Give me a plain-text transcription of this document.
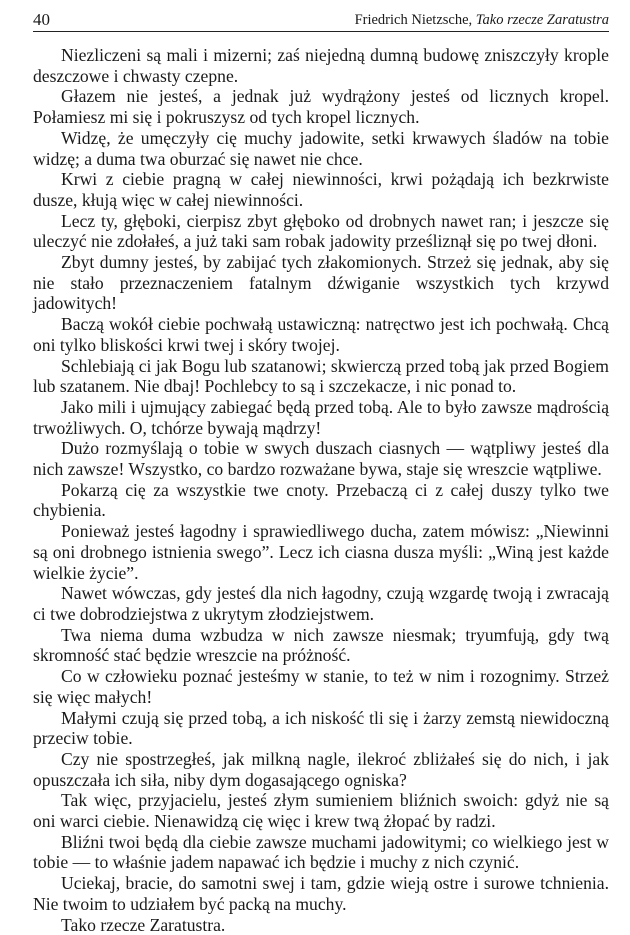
40	Friedrich Nietzsche, Tako rzecze Zaratustra

Niezliczeni są mali i mizerni; zaś niejedną dumną budowę zniszczyły krople deszczowe i chwasty czepne.

Głazem nie jesteś, a jednak już wydrążony jesteś od licznych kropel. Połamiesz mi się i pokruszysz od tych kropel licznych.

Widzę, że umęczyły cię muchy jadowite, setki krwawych śladów na tobie widzę; a duma twa oburzać się nawet nie chce.

Krwi z ciebie pragną w całej niewinności, krwi pożądają ich bezkrwiste dusze, kłują więc w całej niewinności.

Lecz ty, głęboki, cierpisz zbyt głęboko od drobnych nawet ran; i jeszcze się uleczyć nie zdołałeś, a już taki sam robak jadowity prześliznął się po twej dłoni.

Zbyt dumny jesteś, by zabijać tych złakomionych. Strzeż się jednak, aby się nie stało przeznaczeniem fatalnym dźwiganie wszystkich tych krzywd jadowitych!

Baczą wokół ciebie pochwałą ustawiczną: natręctwo jest ich pochwałą. Chcą oni tylko bliskości krwi twej i skóry twojej.

Schlebiają ci jak Bogu lub szatanowi; skwierczą przed tobą jak przed Bogiem lub szatanem. Nie dbaj! Pochlebcy to są i szczekacze, i nic ponad to.

Jako mili i ujmujący zabiegać będą przed tobą. Ale to było zawsze mądrością trwożliwych. O, tchórze bywają mądrzy!

Dużo rozmyślają o tobie w swych duszach ciasnych — wątpliwy jesteś dla nich zawsze! Wszystko, co bardzo rozważane bywa, staje się wreszcie wątpliwe.

Pokarzą cię za wszystkie twe cnoty. Przebaczą ci z całej duszy tylko twe chybienia.

Ponieważ jesteś łagodny i sprawiedliwego ducha, zatem mówisz: „Niewinni są oni drobnego istnienia swego”. Lecz ich ciasna dusza myśli: „Winą jest każde wielkie życie”.

Nawet wówczas, gdy jesteś dla nich łagodny, czują wzgardę twoją i zwracają ci twe dobrodziejstwa z ukrytym złodziejstwem.

Twa niema duma wzbudza w nich zawsze niesmak; tryumfują, gdy twą skromność stać będzie wreszcie na próżność.

Co w człowieku poznać jesteśmy w stanie, to też w nim i rozognimy. Strzeż się więc małych!

Małymi czują się przed tobą, a ich niskość tli się i żarzy zemstą niewidoczną przeciw tobie.

Czy nie spostrzegłeś, jak milkną nagle, ilekroć zbliżałeś się do nich, i jak opuszczała ich siła, niby dym dogasającego ogniska?

Tak więc, przyjacielu, jesteś złym sumieniem bliźnich swoich: gdyż nie są oni warci ciebie. Nienawidzą cię więc i krew twą żłopać by radzi.

Bliźni twoi będą dla ciebie zawsze muchami jadowitymi; co wielkiego jest w tobie — to właśnie jadem napawać ich będzie i muchy z nich czynić.

Uciekaj, bracie, do samotni swej i tam, gdzie wieją ostre i surowe tchnienia. Nie twoim to udziałem być packą na muchy.

Tako rzecze Zaratustra.
